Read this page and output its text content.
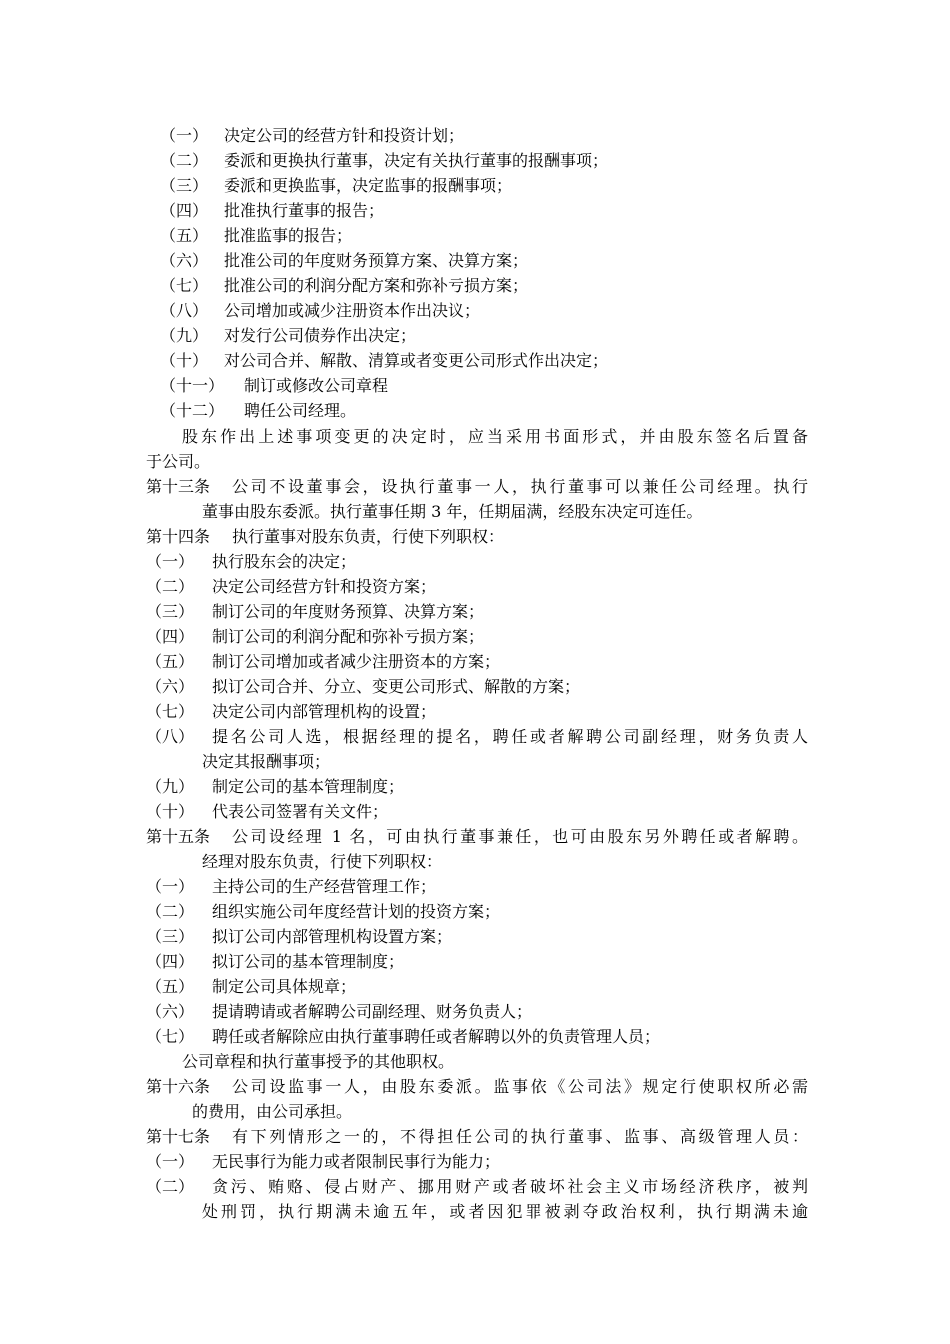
（一） 决定公司的经营方针和投资计划；
（二） 委派和更换执行董事，决定有关执行董事的报酬事项；
（三） 委派和更换监事，决定监事的报酬事项；
（四） 批准执行董事的报告；
（五） 批准监事的报告；
（六） 批准公司的年度财务预算方案、决算方案；
（七） 批准公司的利润分配方案和弥补亏损方案；
（八） 公司增加或减少注册资本作出决议；
（九） 对发行公司债券作出决定；
（十） 对公司合并、解散、清算或者变更公司形式作出决定；
（十一） 制订或修改公司章程
（十二） 聘任公司经理。
股东作出上述事项变更的决定时，应当采用书面形式，并由股东签名后置备
于公司。
第十三条 公司不设董事会，设执行董事一人，执行董事可以兼任公司经理。执行
董事由股东委派。执行董事任期 3 年，任期届满，经股东决定可连任。
第十四条 执行董事对股东负责，行使下列职权：
（一） 执行股东会的决定；
（二） 决定公司经营方针和投资方案；
（三） 制订公司的年度财务预算、决算方案；
（四） 制订公司的利润分配和弥补亏损方案；
（五） 制订公司增加或者减少注册资本的方案；
（六） 拟订公司合并、分立、变更公司形式、解散的方案；
（七） 决定公司内部管理机构的设置；
（八） 提名公司人选，根据经理的提名，聘任或者解聘公司副经理，财务负责人
决定其报酬事项；
（九） 制定公司的基本管理制度；
（十） 代表公司签署有关文件；
第十五条 公司设经理 1 名，可由执行董事兼任，也可由股东另外聘任或者解聘。
经理对股东负责，行使下列职权：
（一） 主持公司的生产经营管理工作；
（二） 组织实施公司年度经营计划的投资方案；
（三） 拟订公司内部管理机构设置方案；
（四） 拟订公司的基本管理制度；
（五） 制定公司具体规章；
（六） 提请聘请或者解聘公司副经理、财务负责人；
（七） 聘任或者解除应由执行董事聘任或者解聘以外的负责管理人员；
公司章程和执行董事授予的其他职权。
第十六条 公司设监事一人，由股东委派。监事依《公司法》规定行使职权所必需
的费用，由公司承担。
第十七条 有下列情形之一的，不得担任公司的执行董事、监事、高级管理人员：
（一） 无民事行为能力或者限制民事行为能力；
（二） 贪污、贿赂、侵占财产、挪用财产或者破坏社会主义市场经济秩序，被判
处刑罚，执行期满未逾五年，或者因犯罪被剥夺政治权利，执行期满未逾
